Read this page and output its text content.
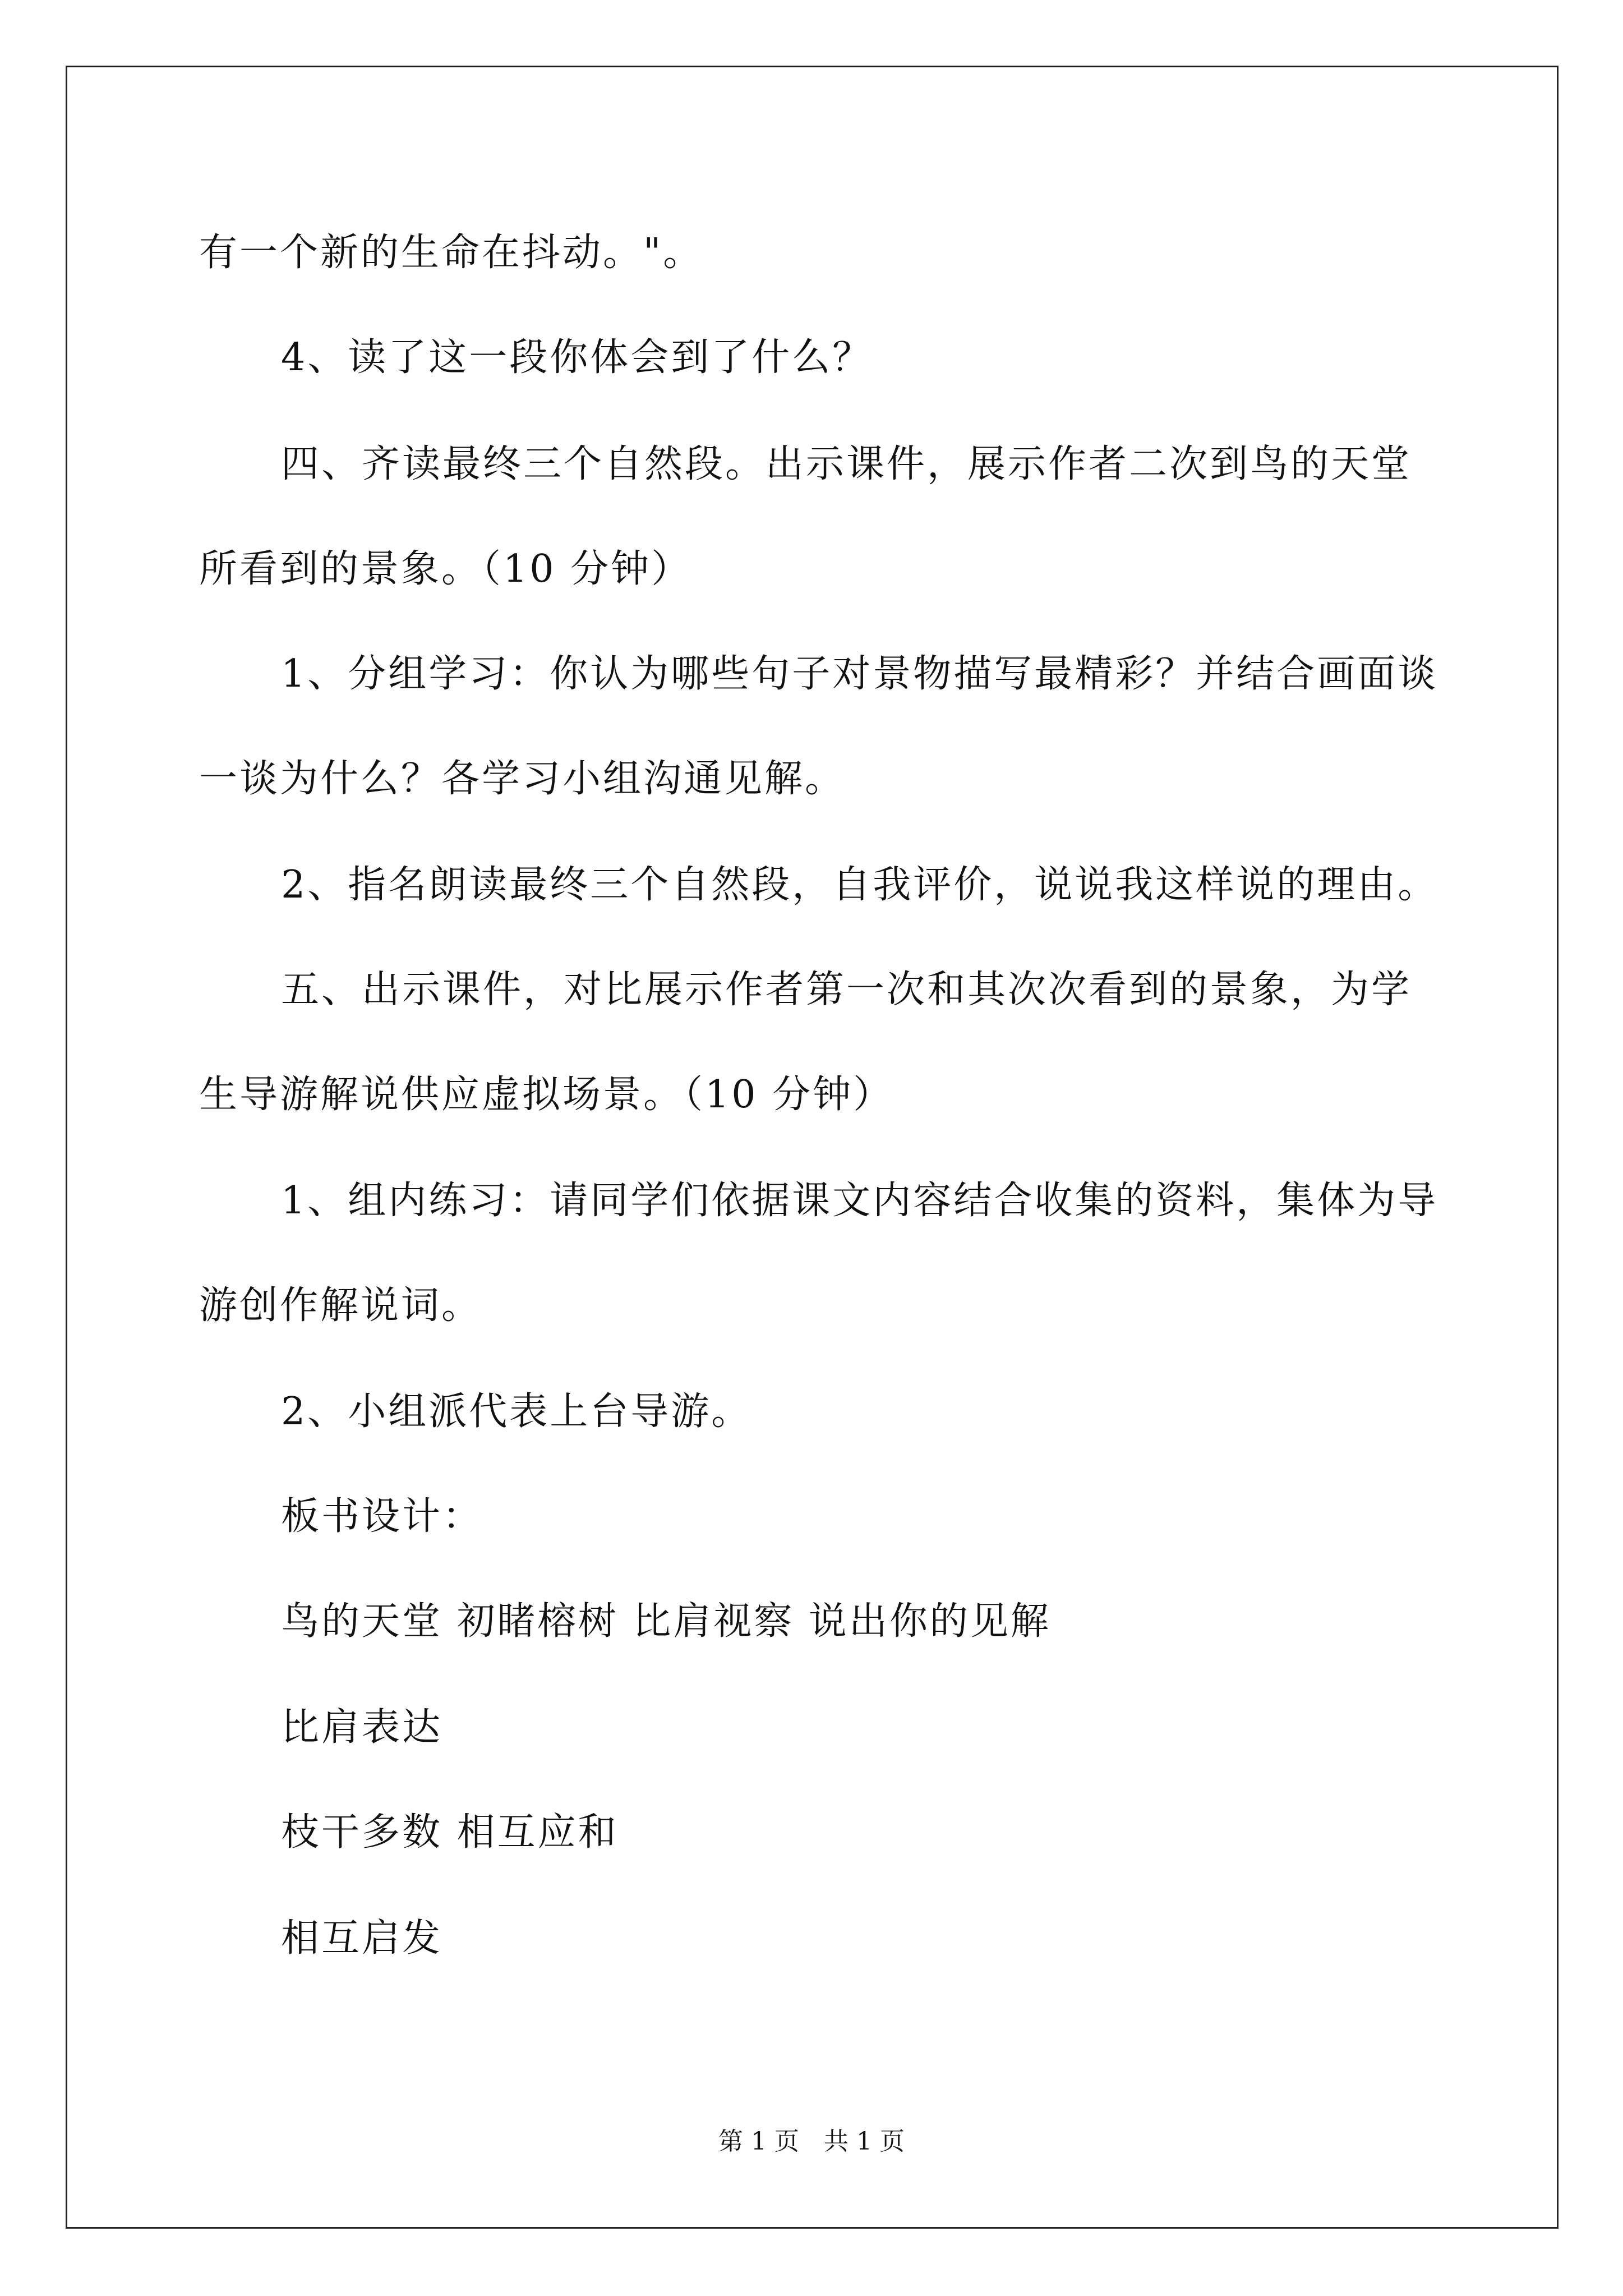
有一个新的生命在抖动。"。
4、读了这一段你体会到了什么？
四、齐读最终三个自然段。出示课件，展示作者二次到鸟的天堂
所看到的景象。（10 分钟）
1、分组学习：你认为哪些句子对景物描写最精彩？并结合画面谈
一谈为什么？各学习小组沟通见解。
2、指名朗读最终三个自然段，自我评价，说说我这样说的理由。
五、出示课件，对比展示作者第一次和其次次看到的景象，为学
生导游解说供应虚拟场景。（10 分钟）
1、组内练习：请同学们依据课文内容结合收集的资料，集体为导
游创作解说词。
2、小组派代表上台导游。
板书设计：
鸟的天堂 初睹榕树 比肩视察 说出你的见解
比肩表达
枝干多数 相互应和
相互启发
第 1 页 共 1 页
